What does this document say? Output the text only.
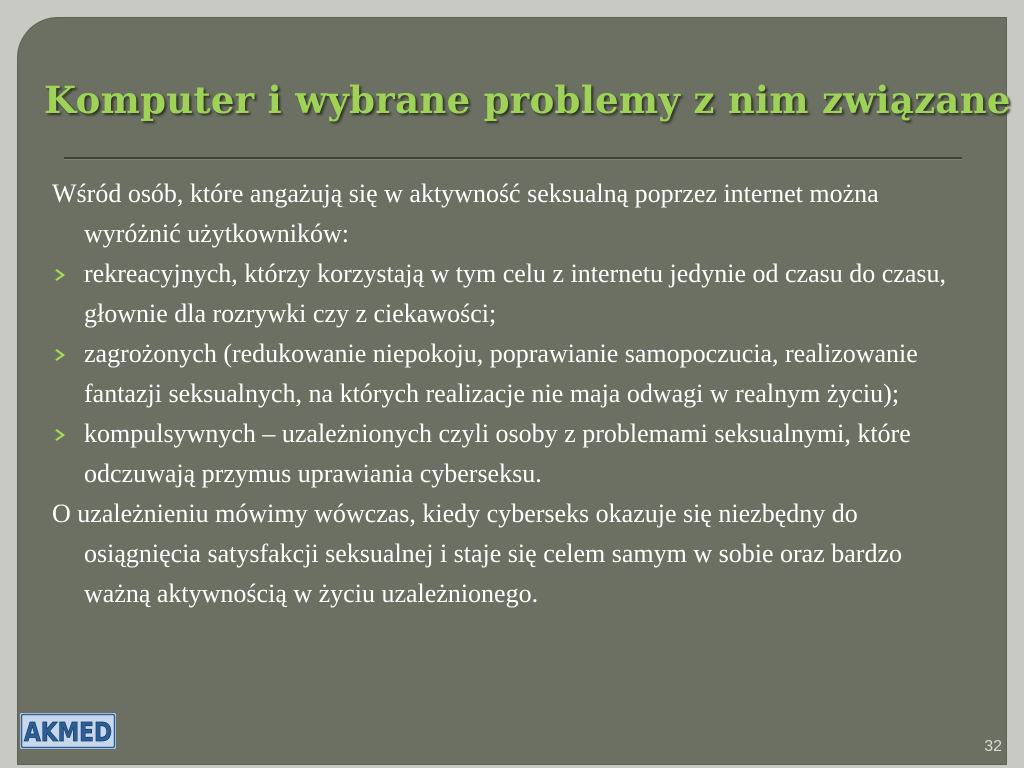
Komputer i wybrane problemy z nim związane

Wśród osób, które angażują się w aktywność seksualną poprzez internet można wyróżnić użytkowników:

rekreacyjnych, którzy korzystają w tym celu z internetu jedynie od czasu do czasu, głownie dla rozrywki czy z ciekawości;

zagrożonych (redukowanie niepokoju, poprawianie samopoczucia, realizowanie fantazji seksualnych, na których realizacje nie maja odwagi w realnym życiu);

kompulsywnych – uzależnionych czyli osoby z problemami seksualnymi, które odczuwają przymus uprawiania cyberseksu.

O uzależnieniu mówimy wówczas, kiedy cyberseks okazuje się niezbędny do osiągnięcia satysfakcji seksualnej i staje się celem samym w sobie oraz bardzo ważną aktywnością w życiu uzależnionego.

AKMED	32
